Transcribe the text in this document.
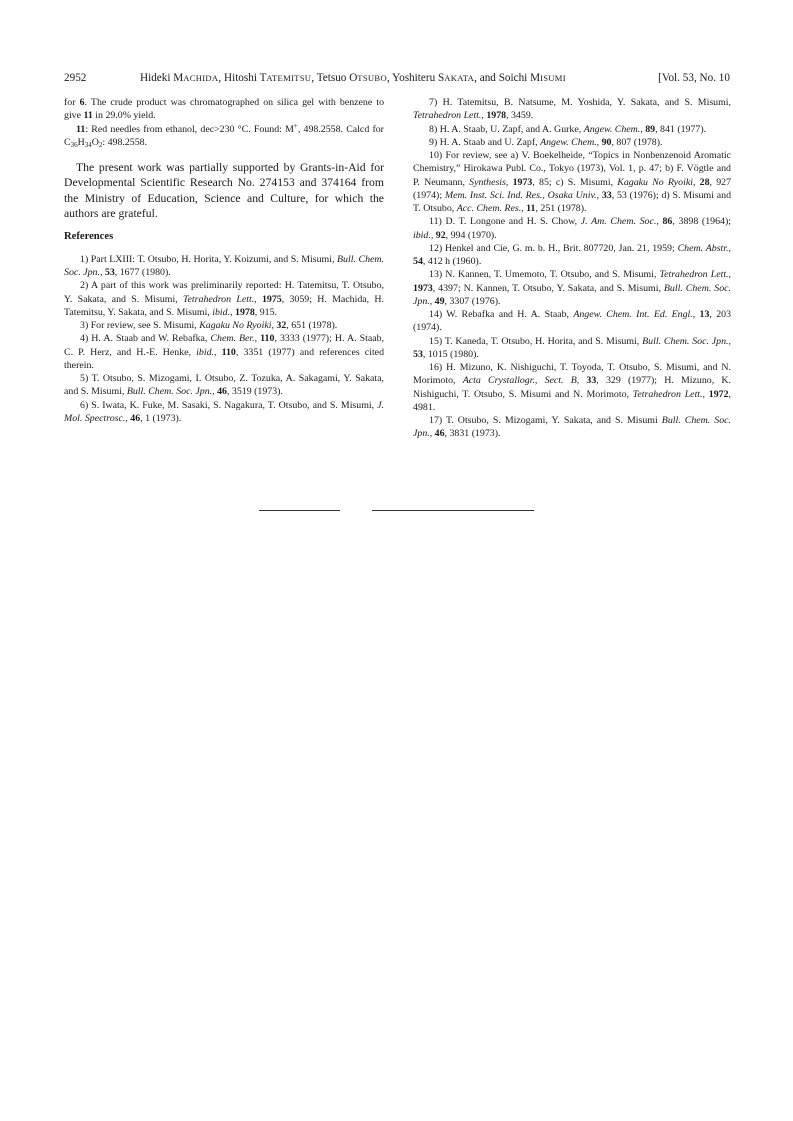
2952	Hideki MACHIDA, Hitoshi TATEMITSU, Tetsuo OTSUBO, Yoshiteru SAKATA, and Soichi MISUMI	[Vol. 53, No. 10

for 6. The crude product was chromatographed on silica gel with benzene to give 11 in 29.0% yield.

11: Red needles from ethanol, dec>230 °C. Found: M+, 498.2558. Calcd for $C_{36}H_{34}O_2$: 498.2558.

The present work was partially supported by Grants-in-Aid for Developmental Scientific Research No. 274153 and 374164 from the Ministry of Education, Science and Culture, for which the authors are grateful.

References

1) Part LXIII: T. Otsubo, H. Horita, Y. Koizumi, and S. Misumi, Bull. Chem. Soc. Jpn., 53, 1677 (1980).

2) A part of this work was preliminarily reported: H. Tatemitsu, T. Otsubo, Y. Sakata, and S. Misumi, Tetrahedron Lett., 1975, 3059; H. Machida, H. Tatemitsu, Y. Sakata, and S. Misumi, ibid., 1978, 915.

3) For review, see S. Misumi, Kagaku No Ryoiki, 32, 651 (1978).

4) H. A. Staab and W. Rebafka, Chem. Ber., 110, 3333 (1977); H. A. Staab, C. P. Herz, and H.-E. Henke, ibid., 110, 3351 (1977) and references cited therein.

5) T. Otsubo, S. Mizogami, I. Otsubo, Z. Tozuka, A. Sakagami, Y. Sakata, and S. Misumi, Bull. Chem. Soc. Jpn., 46, 3519 (1973).

6) S. Iwata, K. Fuke, M. Sasaki, S. Nagakura, T. Otsubo, and S. Misumi, J. Mol. Spectrosc., 46, 1 (1973).

7) H. Tatemitsu, B. Natsume, M. Yoshida, Y. Sakata, and S. Misumi, Tetrahedron Lett., 1978, 3459.

8) H. A. Staab, U. Zapf, and A. Gurke, Angew. Chem., 89, 841 (1977).

9) H. A. Staab and U. Zapf, Angew. Chem., 90, 807 (1978).

10) For review, see a) V. Boekelheide, “Topics in Nonbenzenoid Aromatic Chemistry,” Hirokawa Publ. Co., Tokyo (1973), Vol. 1, p. 47; b) F. Vögtle and P. Neumann, Synthesis, 1973, 85; c) S. Misumi, Kagaku No Ryoiki, 28, 927 (1974); Mem. Inst. Sci. Ind. Res., Osaka Univ., 33, 53 (1976); d) S. Misumi and T. Otsubo, Acc. Chem. Res., 11, 251 (1978).

11) D. T. Longone and H. S. Chow, J. Am. Chem. Soc., 86, 3898 (1964); ibid., 92, 994 (1970).

12) Henkel and Cie, G. m. b. H., Brit. 807720, Jan. 21, 1959; Chem. Abstr., 54, 412 h (1960).

13) N. Kannen, T. Umemoto, T. Otsubo, and S. Misumi, Tetrahedron Lett., 1973, 4397; N. Kannen, T. Otsubo, Y. Sakata, and S. Misumi, Bull. Chem. Soc. Jpn., 49, 3307 (1976).

14) W. Rebafka and H. A. Staab, Angew. Chem. Int. Ed. Engl., 13, 203 (1974).

15) T. Kaneda, T. Otsubo, H. Horita, and S. Misumi, Bull. Chem. Soc. Jpn., 53, 1015 (1980).

16) H. Mizuno, K. Nishiguchi, T. Toyoda, T. Otsubo, S. Misumi, and N. Morimoto, Acta Crystallogr., Sect. B, 33, 329 (1977); H. Mizuno, K. Nishiguchi, T. Otsubo, S. Misumi and N. Morimoto, Tetrahedron Lett., 1972, 4981.

17) T. Otsubo, S. Mizogami, Y. Sakata, and S. Misumi Bull. Chem. Soc. Jpn., 46, 3831 (1973).
